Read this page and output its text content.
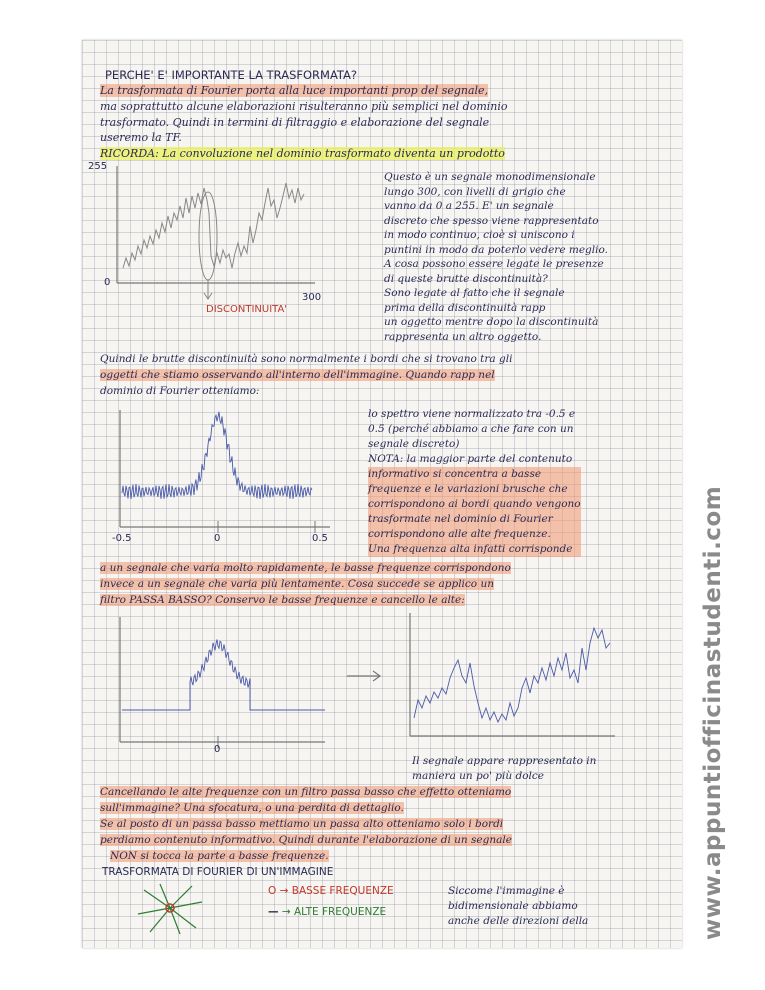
PERCHE' E' IMPORTANTE LA TRASFORMATA?
La trasformata di Fourier porta alla luce importanti prop del segnale,
ma soprattutto alcune elaborazioni risulteranno più semplici nel dominio
trasformato. Quindi in termini di filtraggio e elaborazione del segnale
useremo la TF.
RICORDA: La convoluzione nel dominio trasformato diventa un prodotto
255
0
300
DISCONTINUITA'
Questo è un segnale monodimensionale
lungo 300, con livelli di grigio che
vanno da 0 a 255. E' un segnale
discreto che spesso viene rappresentato
in modo continuo, cioè si uniscono i
puntini in modo da poterlo vedere meglio.
A cosa possono essere legate le presenze
di queste brutte discontinuità?
Sono legate al fatto che il segnale
prima della discontinuità rapp
un oggetto mentre dopo la discontinuità
rappresenta un altro oggetto.
Quindi le brutte discontinuità sono normalmente i bordi che si trovano tra gli
oggetti che stiamo osservando all'interno dell'immagine. Quando rapp nel
dominio di Fourier otteniamo:
-0.5	0	0.5
lo spettro viene normalizzato tra -0.5 e
0.5 (perché abbiamo a che fare con un
segnale discreto)
NOTA: la maggior parte del contenuto
informativo si concentra a basse
frequenze e le variazioni brusche che
corrispondono ai bordi quando vengono
trasformate nel dominio di Fourier
corrispondono alle alte frequenze.
Una frequenza alta infatti corrisponde
a un segnale che varia molto rapidamente, le basse frequenze corrispondono
invece a un segnale che varia più lentamente. Cosa succede se applico un
filtro PASSA BASSO? Conservo le basse frequenze e cancello le alte:
0
Il segnale appare rappresentato in
maniera un po' più dolce
Cancellando le alte frequenze con un filtro passa basso che effetto otteniamo
sull'immagine? Una sfocatura, o una perdita di dettaglio.
Se al posto di un passa basso mettiamo un passa alto otteniamo solo i bordi
perdiamo contenuto informativo. Quindi durante l'elaborazione di un segnale
NON si tocca la parte a basse frequenze.
TRASFORMATA DI FOURIER DI UN'IMMAGINE
O → BASSE FREQUENZE
— → ALTE FREQUENZE
Siccome l'immagine è
bidimensionale abbiamo
anche delle direzioni della	www.appuntiofficinastudenti.com
